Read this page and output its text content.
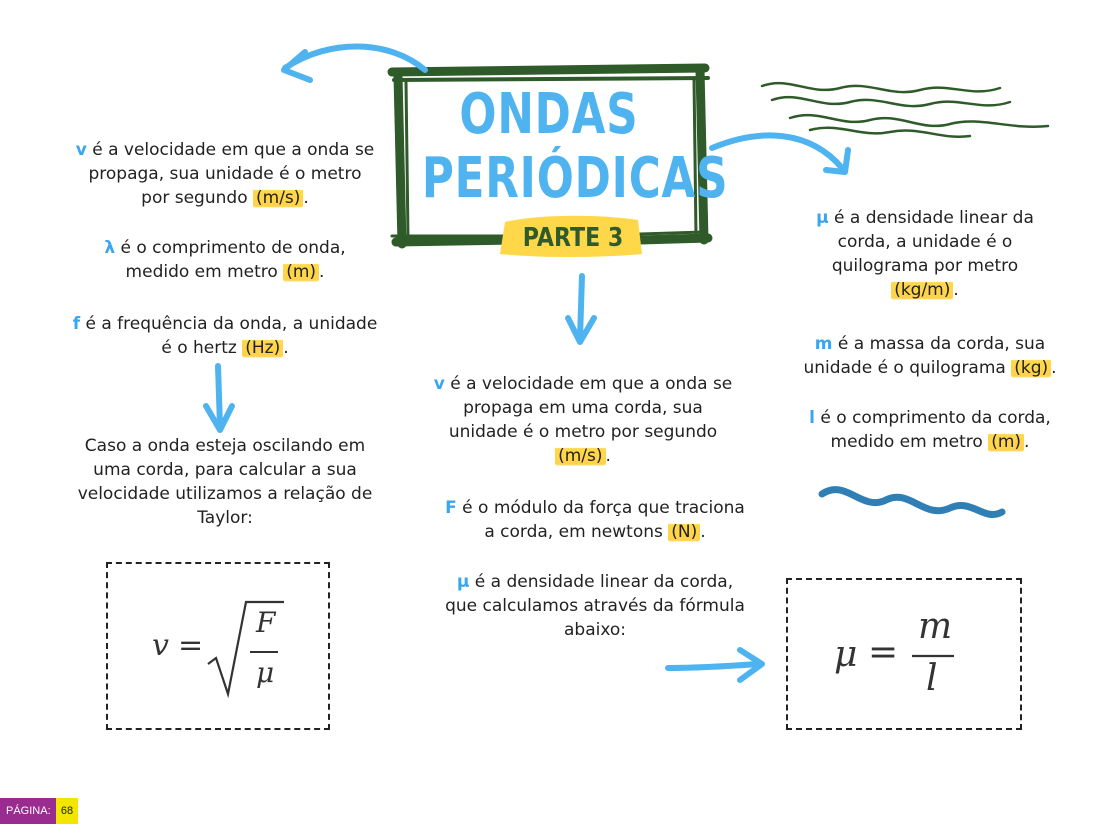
ONDAS
PERIÓDICAS
PARTE 3
v é a velocidade em que a onda se
propaga, sua unidade é o metro
por segundo (m/s) .
λ é o comprimento de onda,
medido em metro (m) .
f é a frequência da onda, a unidade
é o hertz (Hz) .
Caso a onda esteja oscilando em
uma corda, para calcular a sua
velocidade utilizamos a relação de
Taylor:
v =
F
μ
v é a velocidade em que a onda se
propaga em uma corda, sua
unidade é o metro por segundo
(m/s) .
F é o módulo da força que traciona
a corda, em newtons (N) .
μ é a densidade linear da corda,
que calculamos através da fórmula
abaixo:
μ é a densidade linear da
corda, a unidade é o
quilograma por metro
(kg/m) .
m é a massa da corda, sua
unidade é o quilograma (kg) .
l é o comprimento da corda,
medido em metro (m) .
μ =
m
l
PÁGINA: 68
